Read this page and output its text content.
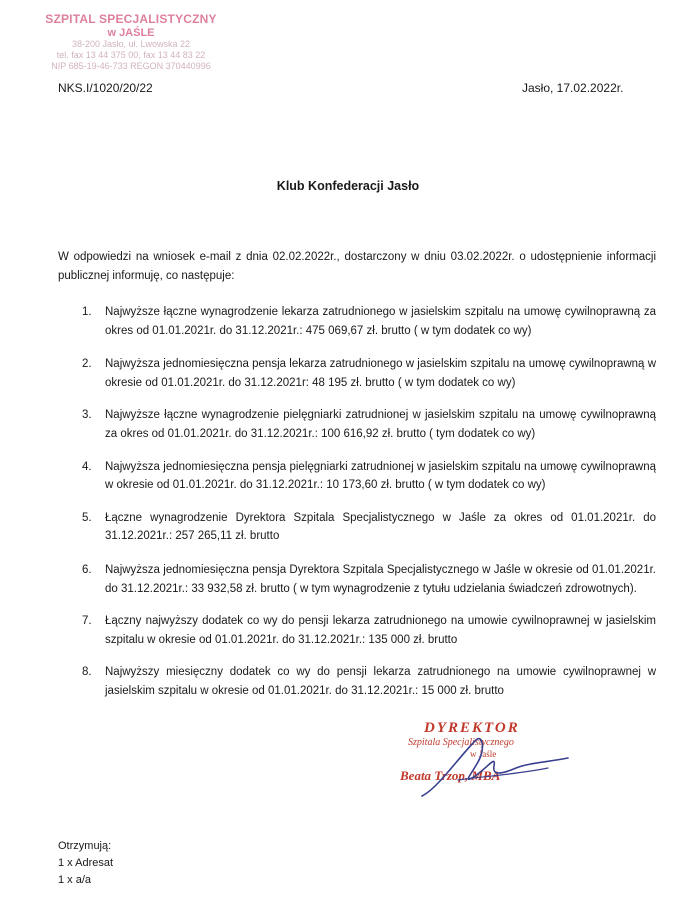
SZPITAL SPECJALISTYCZNY
w JAŚLE
38-200 Jasło, ul. Lwowska 22
tel. fax 13 44 375 00, fax 13 44 83 22
NIP 685-19-46-733 REGON 370440996
NKS.I/1020/20/22	Jasło, 17.02.2022r.
Klub Konfederacji Jasło
W odpowiedzi na wniosek e-mail z dnia 02.02.2022r., dostarczony w dniu 03.02.2022r. o udostępnienie informacji publicznej informuję, co następuje:
1. Najwyższe łączne wynagrodzenie lekarza zatrudnionego w jasielskim szpitalu na umowę cywilnoprawną za okres od 01.01.2021r. do 31.12.2021r.: 475 069,67 zł. brutto ( w tym dodatek co wy)
2. Najwyższa jednomiesięczna pensja lekarza zatrudnionego w jasielskim szpitalu na umowę cywilnoprawną w okresie od 01.01.2021r. do 31.12.2021r: 48 195 zł. brutto ( w tym dodatek co wy)
3. Najwyższe łączne wynagrodzenie pielęgniarki zatrudnionej w jasielskim szpitalu na umowę cywilnoprawną za okres od 01.01.2021r. do 31.12.2021r.: 100 616,92 zł. brutto ( tym dodatek co wy)
4. Najwyższa jednomiesięczna pensja pielęgniarki zatrudnionej w jasielskim szpitalu na umowę cywilnoprawną w okresie od 01.01.2021r. do 31.12.2021r.: 10 173,60 zł. brutto ( w tym dodatek co wy)
5. Łączne wynagrodzenie Dyrektora Szpitala Specjalistycznego w Jaśle za okres od 01.01.2021r. do 31.12.2021r.: 257 265,11 zł. brutto
6. Najwyższa jednomiesięczna pensja Dyrektora Szpitala Specjalistycznego w Jaśle w okresie od 01.01.2021r. do 31.12.2021r.: 33 932,58 zł. brutto ( w tym wynagrodzenie z tytułu udzielania świadczeń zdrowotnych).
7. Łączny najwyższy dodatek co wy do pensji lekarza zatrudnionego na umowie cywilnoprawnej w jasielskim szpitalu w okresie od 01.01.2021r. do 31.12.2021r.: 135 000 zł. brutto
8. Najwyższy miesięczny dodatek co wy do pensji lekarza zatrudnionego na umowie cywilnoprawnej w jasielskim szpitalu w okresie od 01.01.2021r. do 31.12.2021r.: 15 000 zł. brutto
DYREKTOR
Szpitala Specjalistycznego
w Jaśle
Beata Trzop, MBA
Otrzymują:
1 x Adresat
1 x a/a
